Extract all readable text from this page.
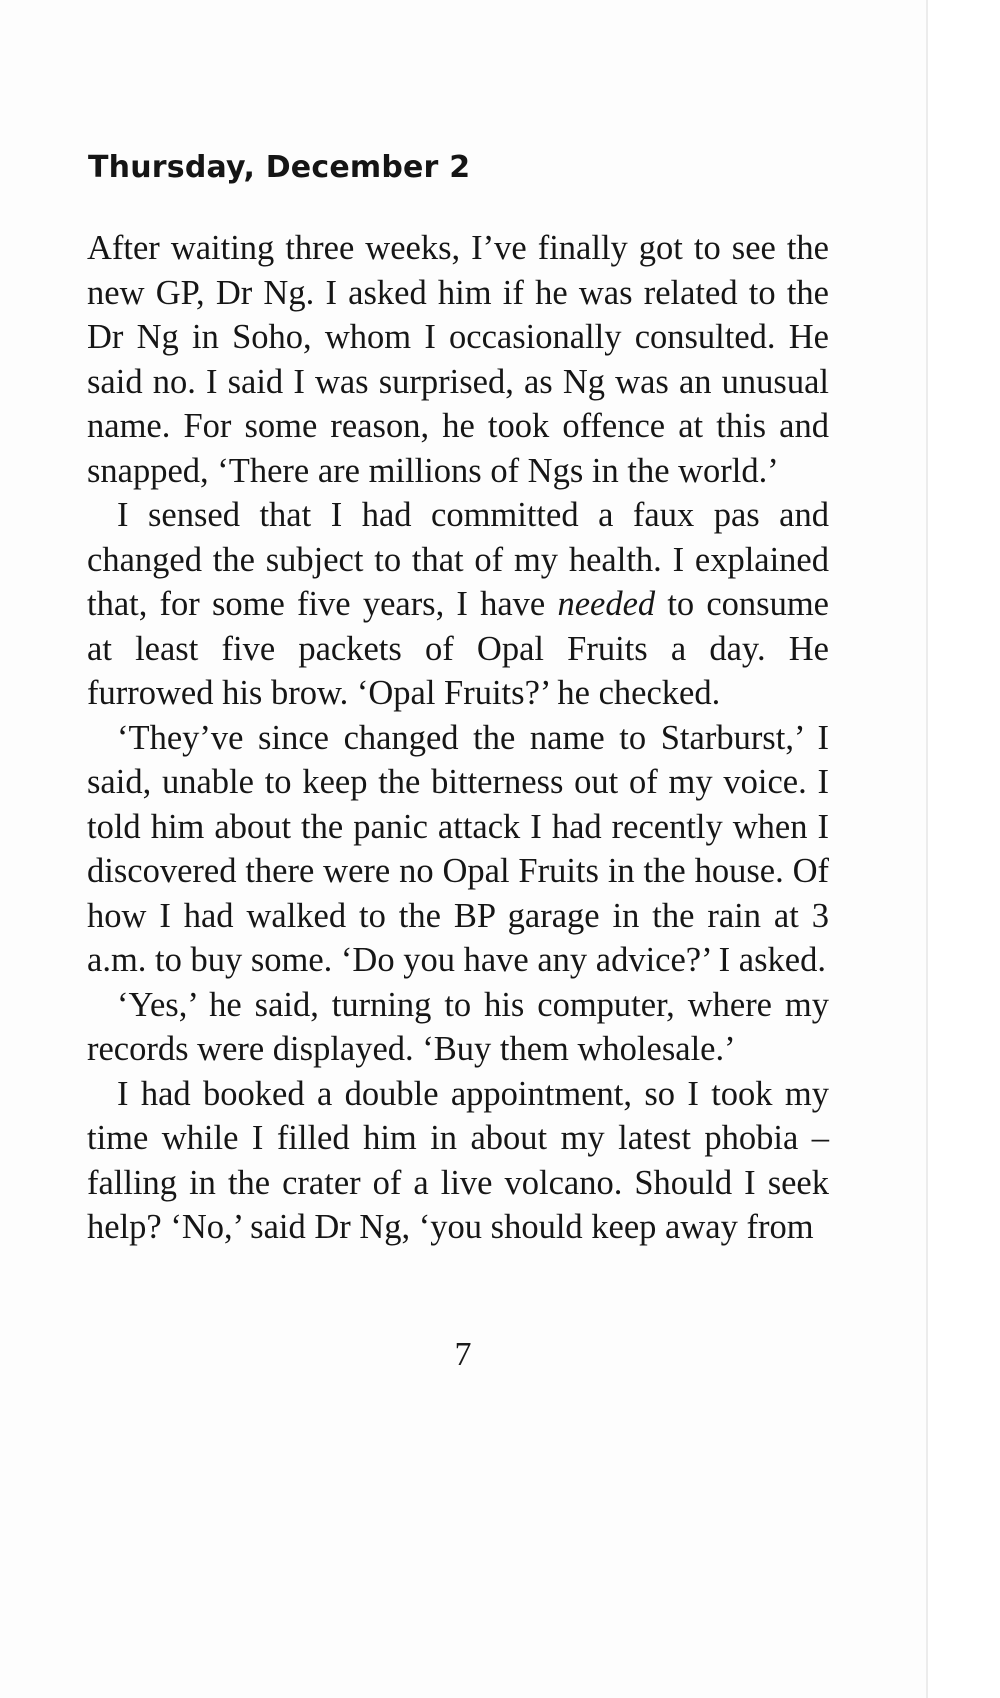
Thursday, December 2

After waiting three weeks, I’ve finally got to see the new GP, Dr Ng. I asked him if he was related to the Dr Ng in Soho, whom I occasionally consulted. He said no. I said I was surprised, as Ng was an unusual name. For some reason, he took offence at this and snapped, ‘There are millions of Ngs in the world.’

I sensed that I had committed a faux pas and changed the subject to that of my health. I explained that, for some five years, I have needed to consume at least five packets of Opal Fruits a day. He furrowed his brow. ‘Opal Fruits?’ he checked.

‘They’ve since changed the name to Starburst,’ I said, unable to keep the bitterness out of my voice. I told him about the panic attack I had recently when I discovered there were no Opal Fruits in the house. Of how I had walked to the BP garage in the rain at 3 a.m. to buy some. ‘Do you have any advice?’ I asked.

‘Yes,’ he said, turning to his computer, where my records were displayed. ‘Buy them wholesale.’

I had booked a double appointment, so I took my time while I filled him in about my latest phobia – falling in the crater of a live volcano. Should I seek help? ‘No,’ said Dr Ng, ‘you should keep away from

7
